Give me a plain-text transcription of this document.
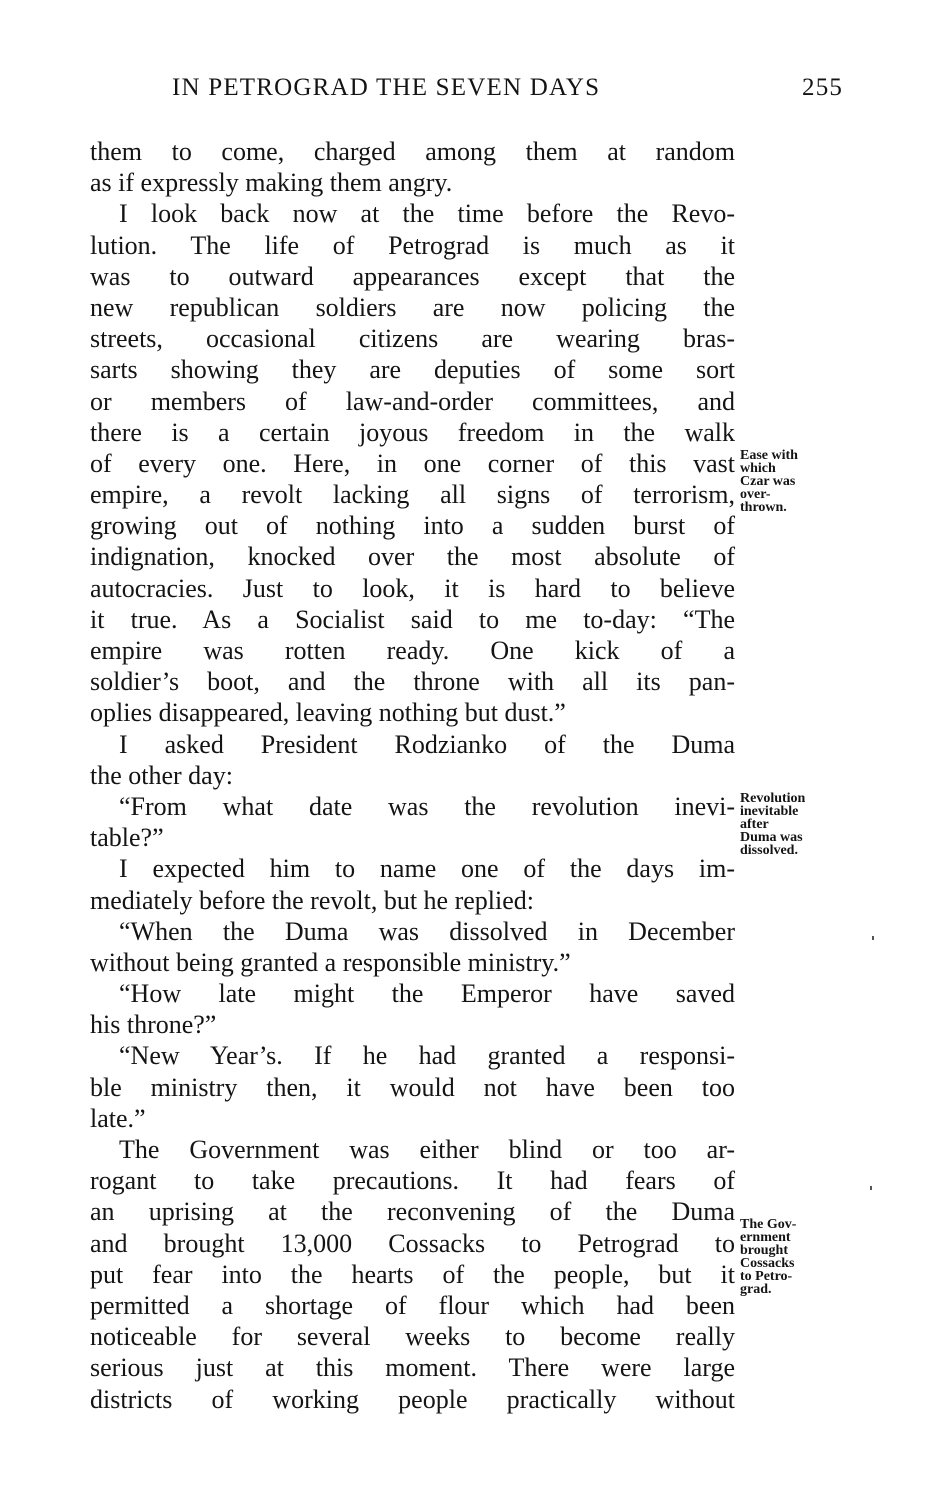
IN PETROGRAD THE SEVEN DAYS	255
them to come, charged among them at random
as if expressly making them angry.
I look back now at the time before the Revo-
lution. The life of Petrograd is much as it
was to outward appearances except that the
new republican soldiers are now policing the
streets, occasional citizens are wearing bras-
sarts showing they are deputies of some sort
or members of law-and-order committees, and
there is a certain joyous freedom in the walk
of every one. Here, in one corner of this vast
empire, a revolt lacking all signs of terrorism,
growing out of nothing into a sudden burst of
indignation, knocked over the most absolute of
autocracies. Just to look, it is hard to believe
it true. As a Socialist said to me to-day: “The
empire was rotten ready. One kick of a
soldier’s boot, and the throne with all its pan-
oplies disappeared, leaving nothing but dust.”
I asked President Rodzianko of the Duma
the other day:
“From what date was the revolution inevi-
table?”
I expected him to name one of the days im-
mediately before the revolt, but he replied:
“When the Duma was dissolved in December
without being granted a responsible ministry.”
“How late might the Emperor have saved
his throne?”
“New Year’s. If he had granted a responsi-
ble ministry then, it would not have been too
late.”
The Government was either blind or too ar-
rogant to take precautions. It had fears of
an uprising at the reconvening of the Duma
and brought 13,000 Cossacks to Petrograd to
put fear into the hearts of the people, but it
permitted a shortage of flour which had been
noticeable for several weeks to become really
serious just at this moment. There were large
districts of working people practically without
Ease with
which
Czar was
over-
thrown.
Revolution
inevitable
after
Duma was
dissolved.
The Gov-
ernment
brought
Cossacks
to Petro-
grad.
